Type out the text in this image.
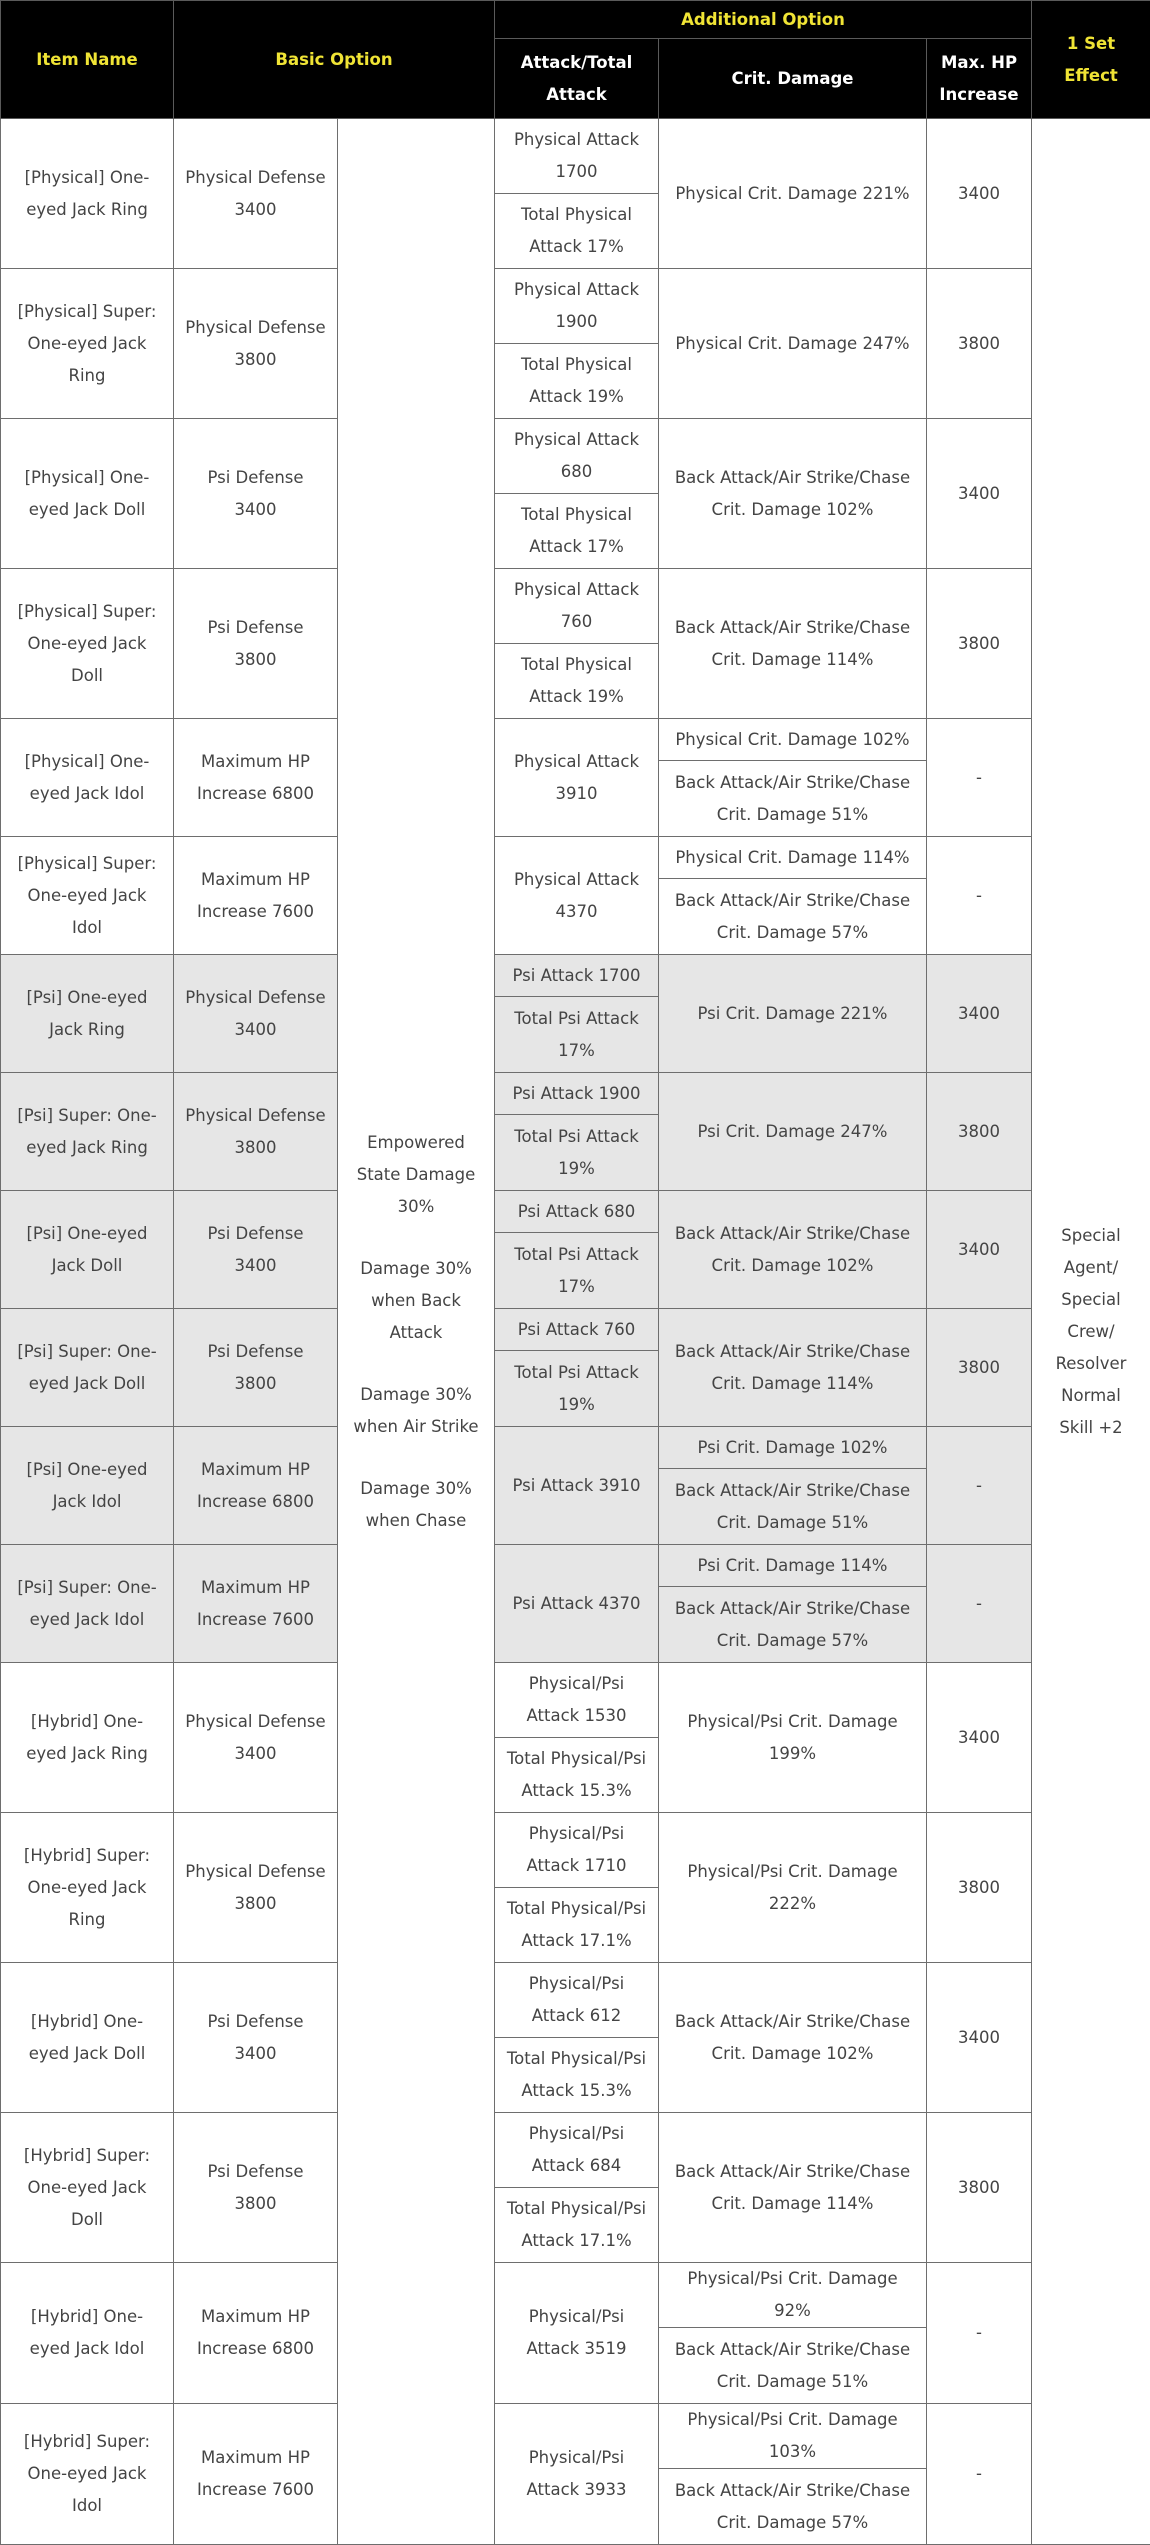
Item Name	Basic Option		Additional Option			1 Set Effect
			Attack/Total Attack	Crit. Damage	Max. HP Increase	
[Physical] One-eyed Jack Ring	Physical Defense 3400	Empowered State Damage 30%
Damage 30% when Back Attack
Damage 30% when Air Strike
Damage 30% when Chase	Physical Attack 1700	Physical Crit. Damage 221%	3400	Special Agent/ Special Crew/ Resolver Normal Skill +2
			Total Physical Attack 17%			
[Physical] Super: One-eyed Jack Ring	Physical Defense 3800		Physical Attack 1900	Physical Crit. Damage 247%	3800	
			Total Physical Attack 19%			
[Physical] One-eyed Jack Doll	Psi Defense 3400		Physical Attack 680	Back Attack/Air Strike/Chase Crit. Damage 102%	3400	
			Total Physical Attack 17%			
[Physical] Super: One-eyed Jack Doll	Psi Defense 3800		Physical Attack 760	Back Attack/Air Strike/Chase Crit. Damage 114%	3800	
			Total Physical Attack 19%			
[Physical] One-eyed Jack Idol	Maximum HP Increase 6800		Physical Attack 3910	Physical Crit. Damage 102%	-	
				Back Attack/Air Strike/Chase Crit. Damage 51%		
[Physical] Super: One-eyed Jack Idol	Maximum HP Increase 7600		Physical Attack 4370	Physical Crit. Damage 114%	-	
				Back Attack/Air Strike/Chase Crit. Damage 57%		
[Psi] One-eyed Jack Ring	Physical Defense 3400		Psi Attack 1700	Psi Crit. Damage 221%	3400	
			Total Psi Attack 17%			
[Psi] Super: One-eyed Jack Ring	Physical Defense 3800		Psi Attack 1900	Psi Crit. Damage 247%	3800	
			Total Psi Attack 19%			
[Psi] One-eyed Jack Doll	Psi Defense 3400		Psi Attack 680	Back Attack/Air Strike/Chase Crit. Damage 102%	3400	
			Total Psi Attack 17%			
[Psi] Super: One-eyed Jack Doll	Psi Defense 3800		Psi Attack 760	Back Attack/Air Strike/Chase Crit. Damage 114%	3800	
			Total Psi Attack 19%			
[Psi] One-eyed Jack Idol	Maximum HP Increase 6800		Psi Attack 3910	Psi Crit. Damage 102%	-	
				Back Attack/Air Strike/Chase Crit. Damage 51%		
[Psi] Super: One-eyed Jack Idol	Maximum HP Increase 7600		Psi Attack 4370	Psi Crit. Damage 114%	-	
				Back Attack/Air Strike/Chase Crit. Damage 57%		
[Hybrid] One-eyed Jack Ring	Physical Defense 3400		Physical/Psi Attack 1530	Physical/Psi Crit. Damage 199%	3400	
			Total Physical/Psi Attack 15.3%			
[Hybrid] Super: One-eyed Jack Ring	Physical Defense 3800		Physical/Psi Attack 1710	Physical/Psi Crit. Damage 222%	3800	
			Total Physical/Psi Attack 17.1%			
[Hybrid] One-eyed Jack Doll	Psi Defense 3400		Physical/Psi Attack 612	Back Attack/Air Strike/Chase Crit. Damage 102%	3400	
			Total Physical/Psi Attack 15.3%			
[Hybrid] Super: One-eyed Jack Doll	Psi Defense 3800		Physical/Psi Attack 684	Back Attack/Air Strike/Chase Crit. Damage 114%	3800	
			Total Physical/Psi Attack 17.1%			
[Hybrid] One-eyed Jack Idol	Maximum HP Increase 6800		Physical/Psi Attack 3519	Physical/Psi Crit. Damage 92%	-	
				Back Attack/Air Strike/Chase Crit. Damage 51%		
[Hybrid] Super: One-eyed Jack Idol	Maximum HP Increase 7600		Physical/Psi Attack 3933	Physical/Psi Crit. Damage 103%	-	
				Back Attack/Air Strike/Chase Crit. Damage 57%		
